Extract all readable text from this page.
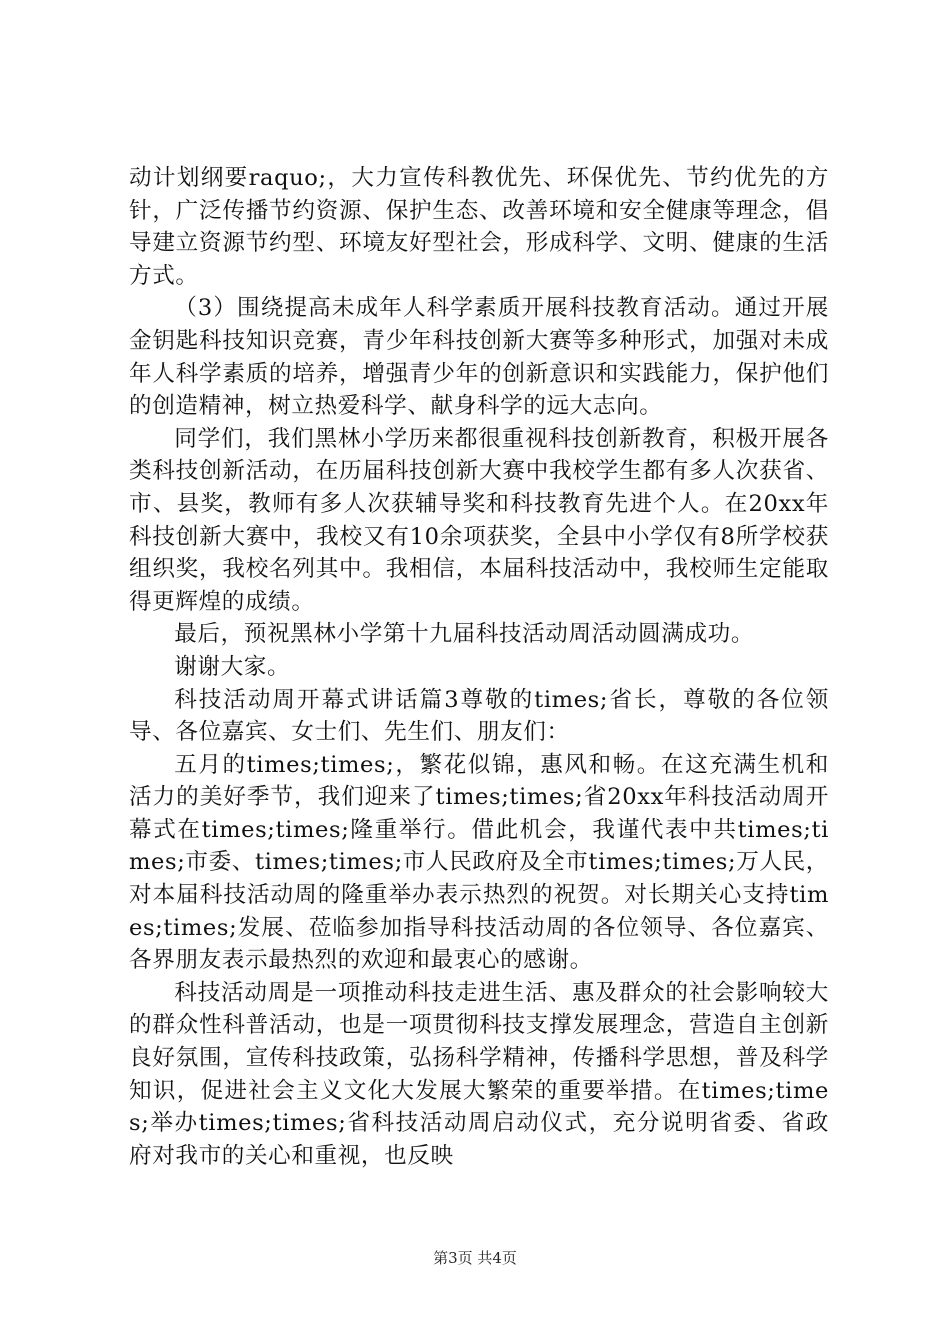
动计划纲要raquo;，大力宣传科教优先、环保优先、节约优先的方针，广泛传播节约资源、保护生态、改善环境和安全健康等理念，倡导建立资源节约型、环境友好型社会，形成科学、文明、健康的生活方式。

（3）围绕提高未成年人科学素质开展科技教育活动。通过开展金钥匙科技知识竞赛，青少年科技创新大赛等多种形式，加强对未成年人科学素质的培养，增强青少年的创新意识和实践能力，保护他们的创造精神，树立热爱科学、献身科学的远大志向。

同学们，我们黑林小学历来都很重视科技创新教育，积极开展各类科技创新活动，在历届科技创新大赛中我校学生都有多人次获省、市、县奖，教师有多人次获辅导奖和科技教育先进个人。在20xx年科技创新大赛中，我校又有10余项获奖，全县中小学仅有8所学校获组织奖，我校名列其中。我相信，本届科技活动中，我校师生定能取得更辉煌的成绩。

最后，预祝黑林小学第十九届科技活动周活动圆满成功。

谢谢大家。

科技活动周开幕式讲话篇3尊敬的times;省长，尊敬的各位领导、各位嘉宾、女士们、先生们、朋友们：

五月的times;times;，繁花似锦，惠风和畅。在这充满生机和活力的美好季节，我们迎来了times;times;省20xx年科技活动周开幕式在times;times;隆重举行。借此机会，我谨代表中共times;times;市委、times;times;市人民政府及全市times;times;万人民，对本届科技活动周的隆重举办表示热烈的祝贺。对长期关心支持times;times;发展、莅临参加指导科技活动周的各位领导、各位嘉宾、各界朋友表示最热烈的欢迎和最衷心的感谢。

科技活动周是一项推动科技走进生活、惠及群众的社会影响较大的群众性科普活动，也是一项贯彻科技支撑发展理念，营造自主创新良好氛围，宣传科技政策，弘扬科学精神，传播科学思想，普及科学知识，促进社会主义文化大发展大繁荣的重要举措。在times;times;举办times;times;省科技活动周启动仪式，充分说明省委、省政府对我市的关心和重视，也反映

第3页 共4页
